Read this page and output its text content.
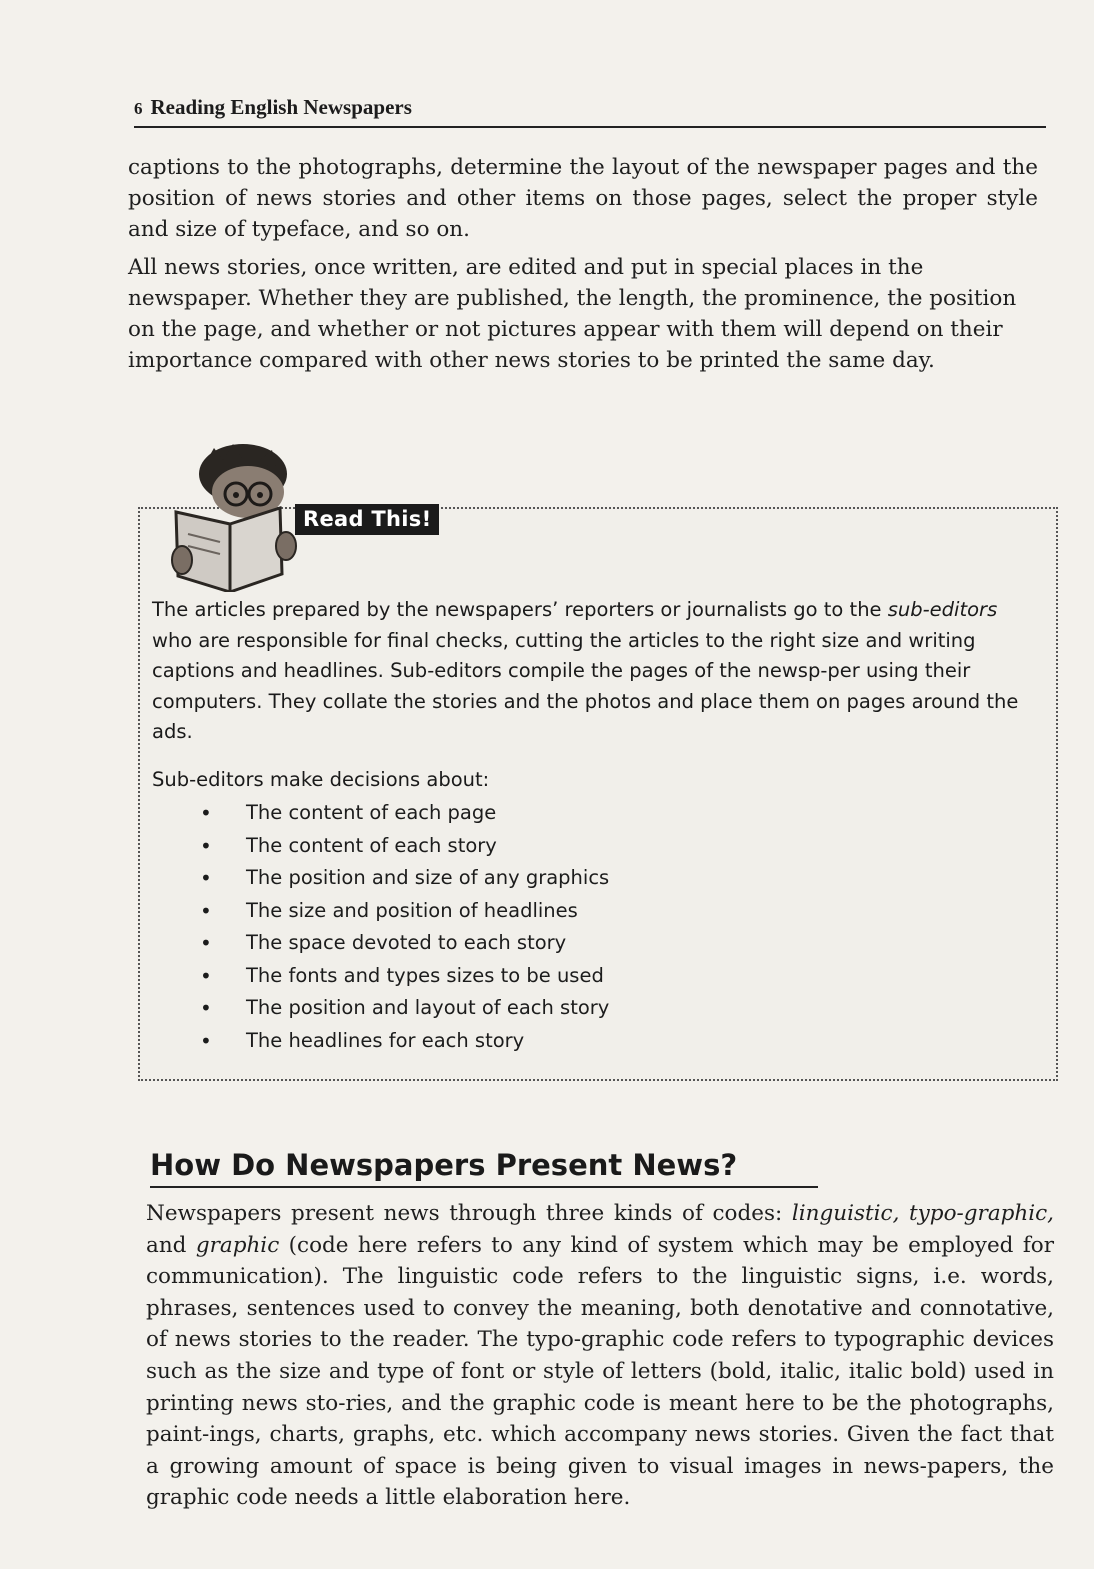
6 Reading English Newspapers

captions to the photographs, determine the layout of the newspaper pages and the position of news stories and other items on those pages, select the proper style and size of typeface, and so on.

All news stories, once written, are edited and put in special places in the newspaper. Whether they are published, the length, the prominence, the position on the page, and whether or not pictures appear with them will depend on their importance compared with other news stories to be printed the same day.

Read This!

The articles prepared by the newspapers’ reporters or journalists go to the sub-editors who are responsible for final checks, cutting the articles to the right size and writing captions and headlines. Sub-editors compile the pages of the newsp-per using their computers. They collate the stories and the photos and place them on pages around the ads.

Sub-editors make decisions about:

• The content of each page
• The content of each story
• The position and size of any graphics
• The size and position of headlines
• The space devoted to each story
• The fonts and types sizes to be used
• The position and layout of each story
• The headlines for each story
How Do Newspapers Present News?

Newspapers present news through three kinds of codes: linguistic, typo-graphic, and graphic (code here refers to any kind of system which may be employed for communication). The linguistic code refers to the linguistic signs, i.e. words, phrases, sentences used to convey the meaning, both denotative and connotative, of news stories to the reader. The typo-graphic code refers to typographic devices such as the size and type of font or style of letters (bold, italic, italic bold) used in printing news sto-ries, and the graphic code is meant here to be the photographs, paint-ings, charts, graphs, etc. which accompany news stories. Given the fact that a growing amount of space is being given to visual images in news-papers, the graphic code needs a little elaboration here.
